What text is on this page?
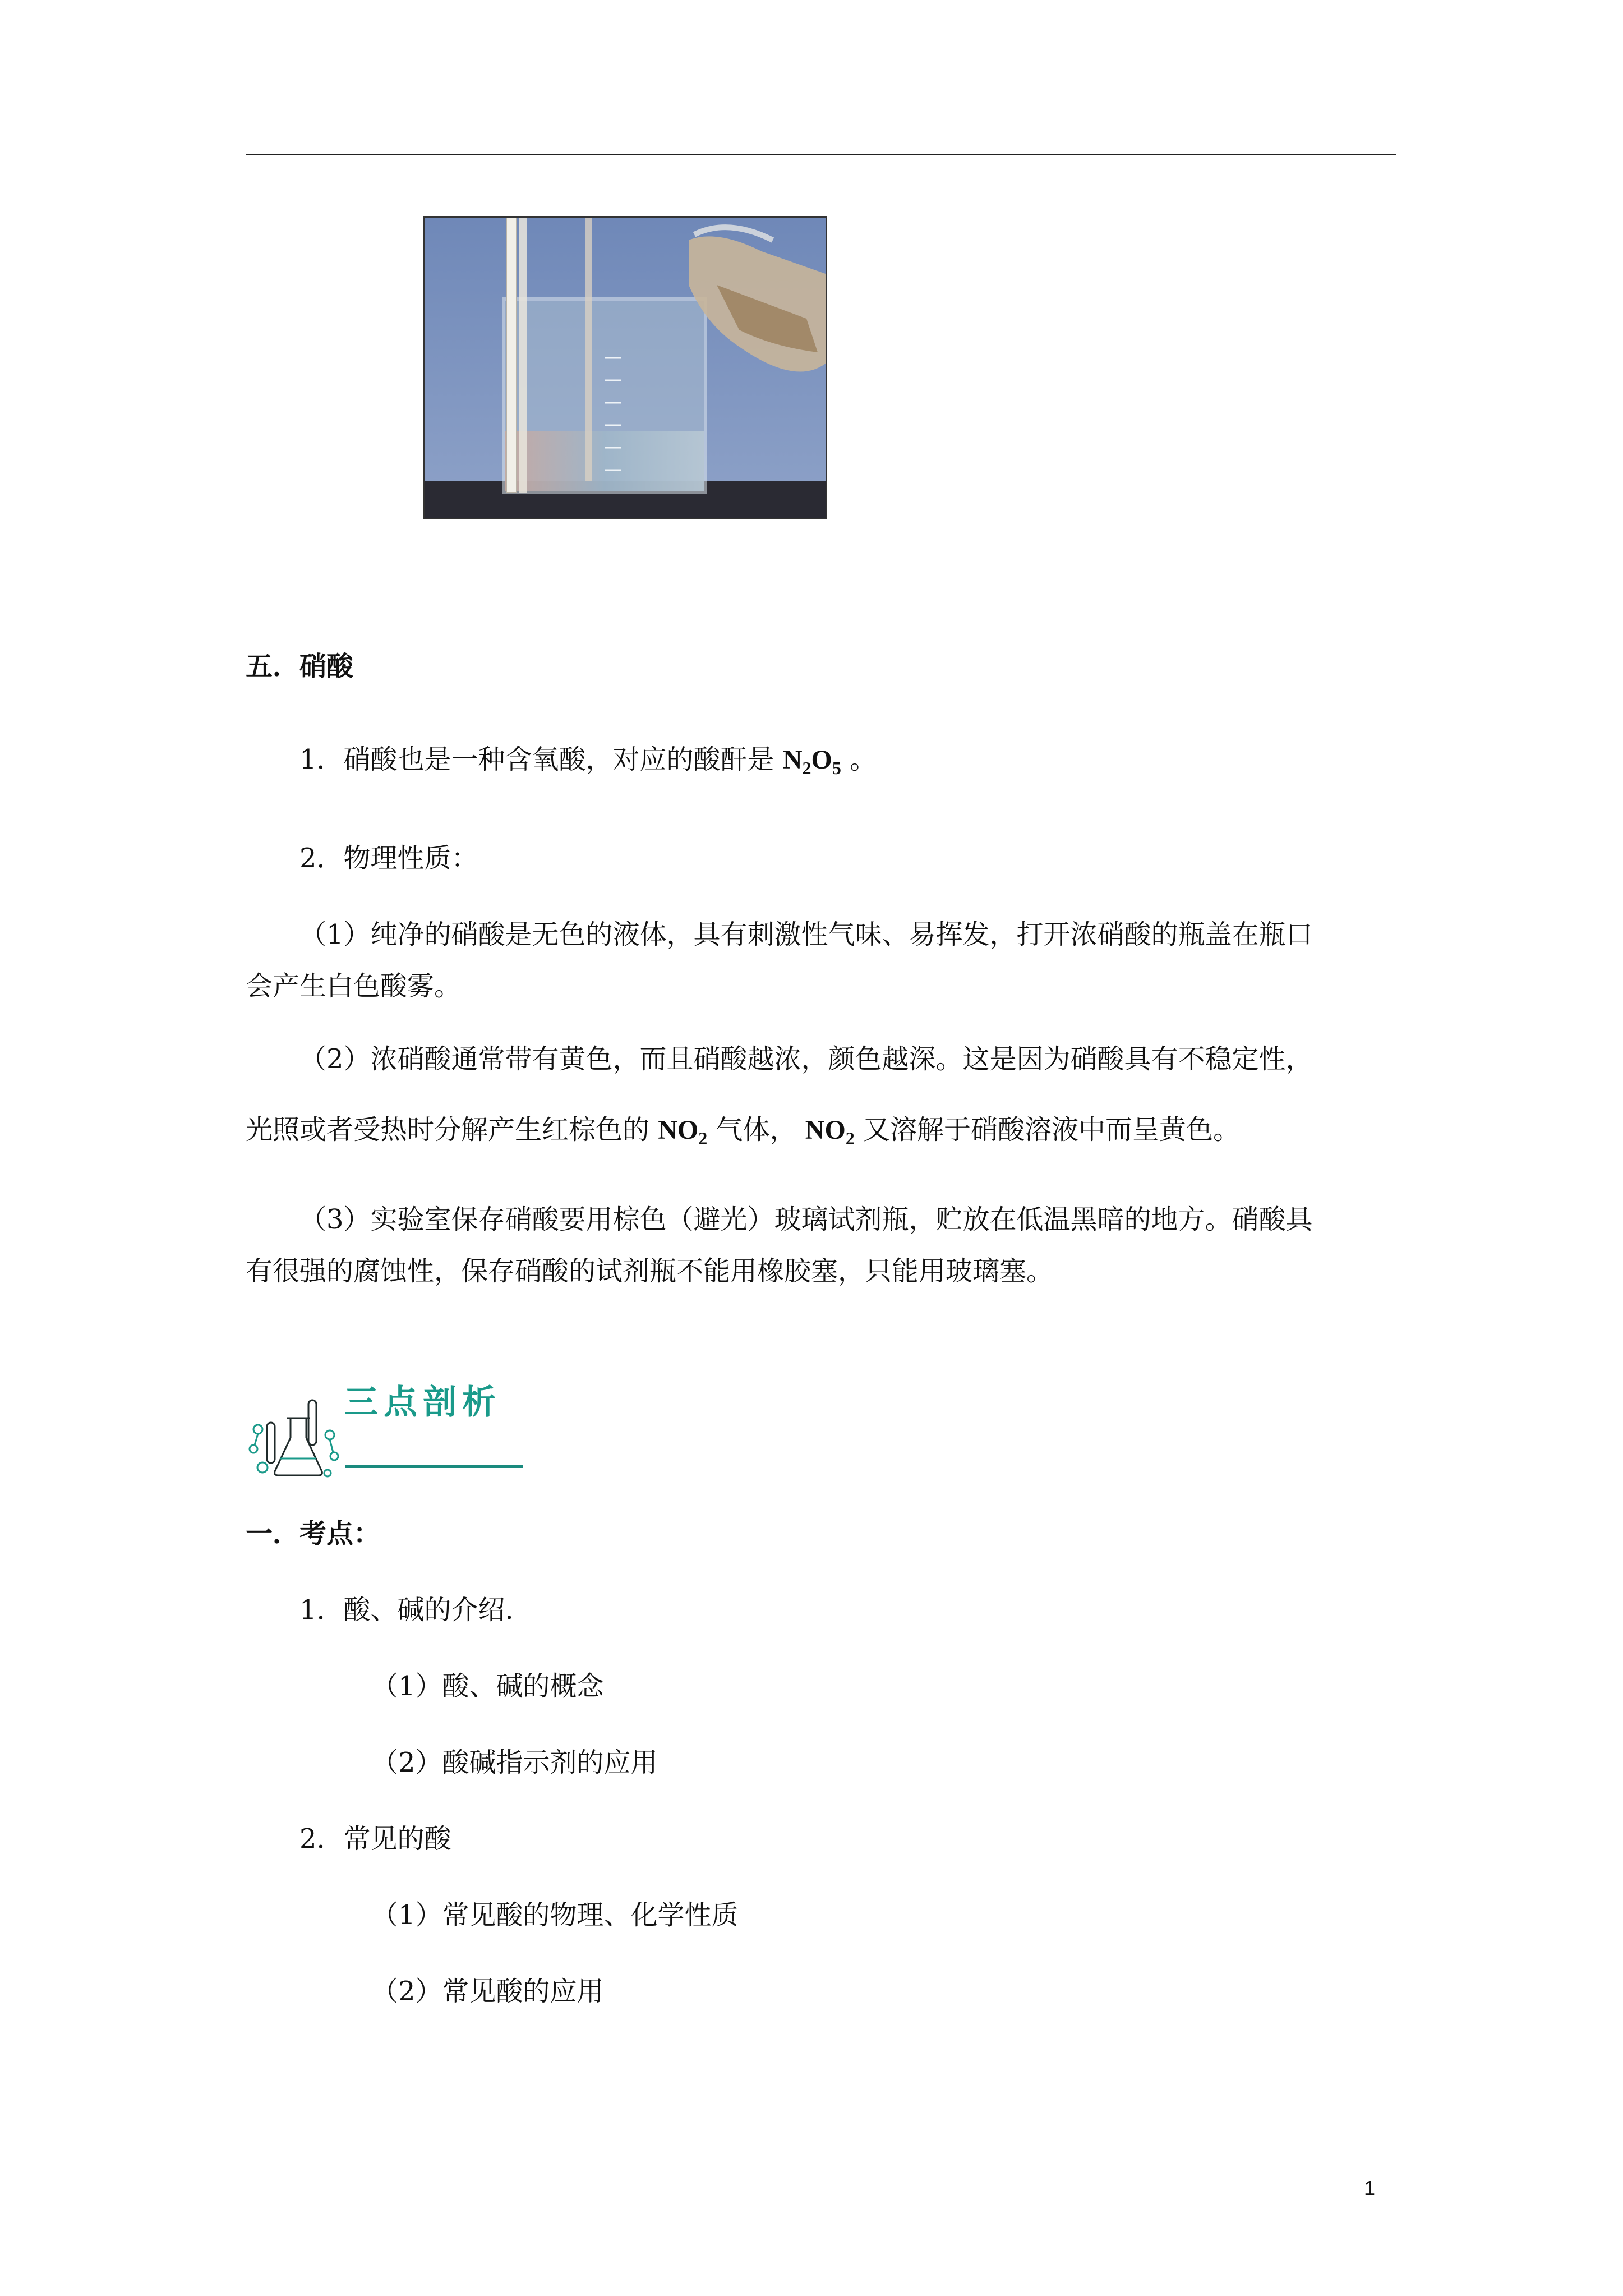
五．硝酸
1．硝酸也是一种含氧酸，对应的酸酐是 $N_2O_5$ 。
2．物理性质：
（1）纯净的硝酸是无色的液体，具有刺激性气味、易挥发，打开浓硝酸的瓶盖在瓶口
会产生白色酸雾。
（2）浓硝酸通常带有黄色，而且硝酸越浓，颜色越深。这是因为硝酸具有不稳定性，
光照或者受热时分解产生红棕色的 $NO_2$ 气体， $NO_2$ 又溶解于硝酸溶液中而呈黄色。
（3）实验室保存硝酸要用棕色（避光）玻璃试剂瓶，贮放在低温黑暗的地方。硝酸具
有很强的腐蚀性，保存硝酸的试剂瓶不能用橡胶塞，只能用玻璃塞。
三点剖析
一．考点：
1．酸、碱的介绍.
（1）酸、碱的概念
（2）酸碱指示剂的应用
2．常见的酸
（1）常见酸的物理、化学性质
（2）常见酸的应用
1
